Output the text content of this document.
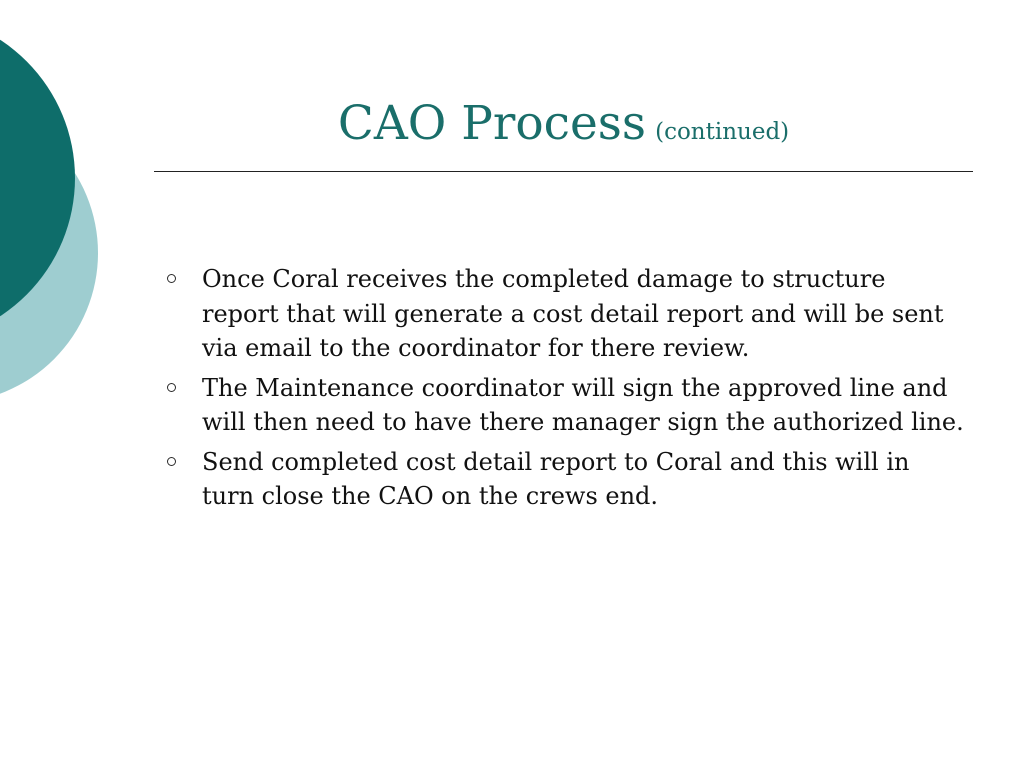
CAO Process (continued)
Once Coral receives the completed damage to structure report that will generate a cost detail report and will be sent via email to the coordinator for there review.
The Maintenance coordinator will sign the approved line and will then need to have there manager sign the authorized line.
Send completed cost detail report to Coral and this will in turn close the CAO on the crews end.
